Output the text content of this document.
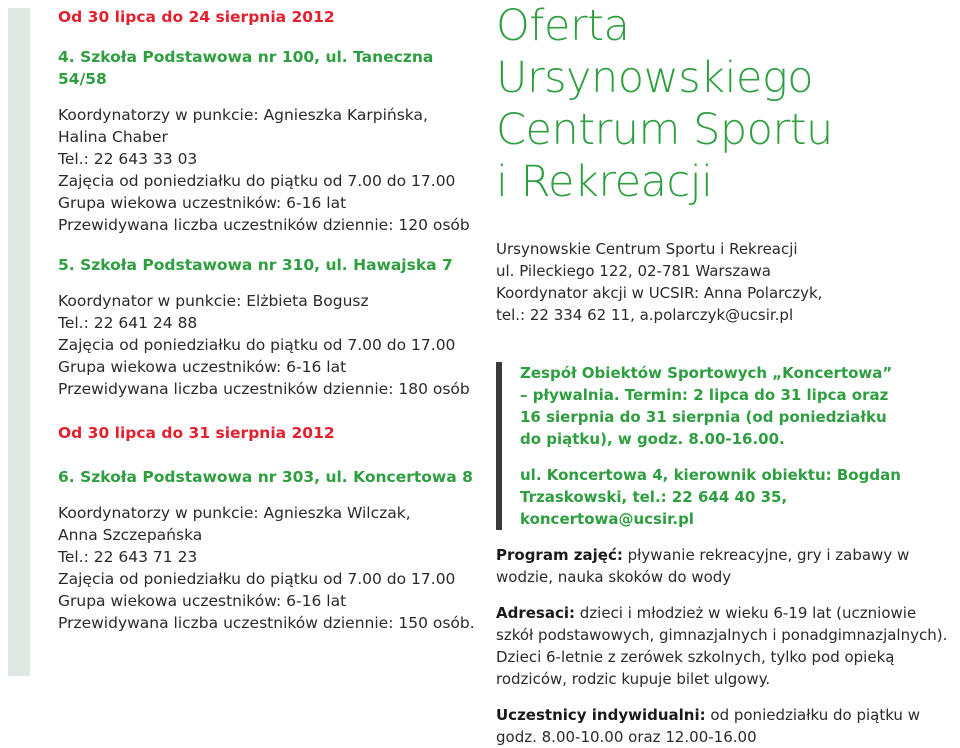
Od 30 lipca do 24 sierpnia 2012

4. Szkoła Podstawowa nr 100, ul. Taneczna 54/58

Koordynatorzy w punkcie: Agnieszka Karpińska, Halina Chaber

Tel.: 22 643 33 03

Zajęcia od poniedziałku do piątku od 7.00 do 17.00

Grupa wiekowa uczestników: 6-16 lat

Przewidywana liczba uczestników dziennie: 120 osób

5. Szkoła Podstawowa nr 310, ul. Hawajska 7

Koordynator w punkcie: Elżbieta Bogusz

Tel.: 22 641 24 88

Zajęcia od poniedziałku do piątku od 7.00 do 17.00

Grupa wiekowa uczestników: 6-16 lat

Przewidywana liczba uczestników dziennie: 180 osób

Od 30 lipca do 31 sierpnia 2012

6. Szkoła Podstawowa nr 303, ul. Koncertowa 8

Koordynatorzy w punkcie: Agnieszka Wilczak,

Anna Szczepańska

Tel.: 22 643 71 23

Zajęcia od poniedziałku do piątku od 7.00 do 17.00

Grupa wiekowa uczestników: 6-16 lat

Przewidywana liczba uczestników dziennie: 150 osób.

Oferta Ursynowskiego

Centrum Sportu

i Rekreacji

Ursynowskie Centrum Sportu i Rekreacji

ul. Pileckiego 122, 02-781 Warszawa

Koordynator akcji w UCSIR: Anna Polarczyk,

tel.: 22 334 62 11, a.polarczyk@ucsir.pl

Zespół Obiektów Sportowych „Koncertowa”

– pływalnia. Termin: 2 lipca do 31 lipca oraz

16 sierpnia do 31 sierpnia (od poniedziałku

do piątku), w godz. 8.00-16.00.

ul. Koncertowa 4, kierownik obiektu: Bogdan

Trzaskowski, tel.: 22 644 40 35, koncertowa@ucsir.pl

Program zajęć: pływanie rekreacyjne, gry i zabawy w wodzie, nauka skoków do wody

Adresaci: dzieci i młodzież w wieku 6-19 lat (uczniowie szkół podstawowych, gimnazjalnych i ponadgimnazjalnych). Dzieci 6-letnie z zerówek szkolnych, tylko pod opieką rodziców, rodzic kupuje bilet ulgowy.

Uczestnicy indywidualni: od poniedziałku do piątku w godz. 8.00-10.00 oraz 12.00-16.00
